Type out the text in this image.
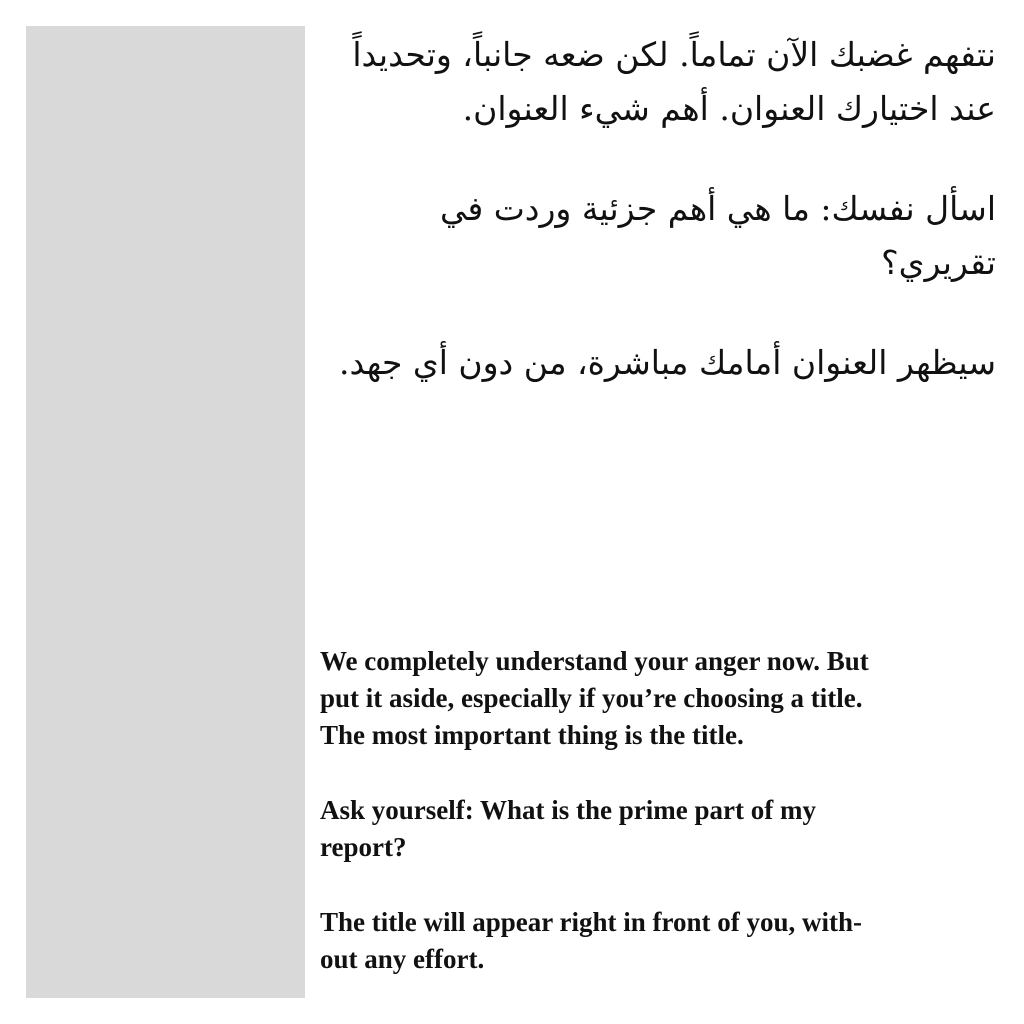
نتفهم غضبك الآن تماماً. لكن ضعه جانباً، وتحديداً
عند اختيارك العنوان. أهم شيء العنوان.

اسأل نفسك: ما هي أهم جزئية وردت في تقريري؟

سيظهر العنوان أمامك مباشرة، من دون أي جهد.

We completely understand your anger now. But
put it aside, especially if you’re choosing a title.
The most important thing is the title.

Ask yourself: What is the prime part of my
report?

The title will appear right in front of you, with-
out any effort.
